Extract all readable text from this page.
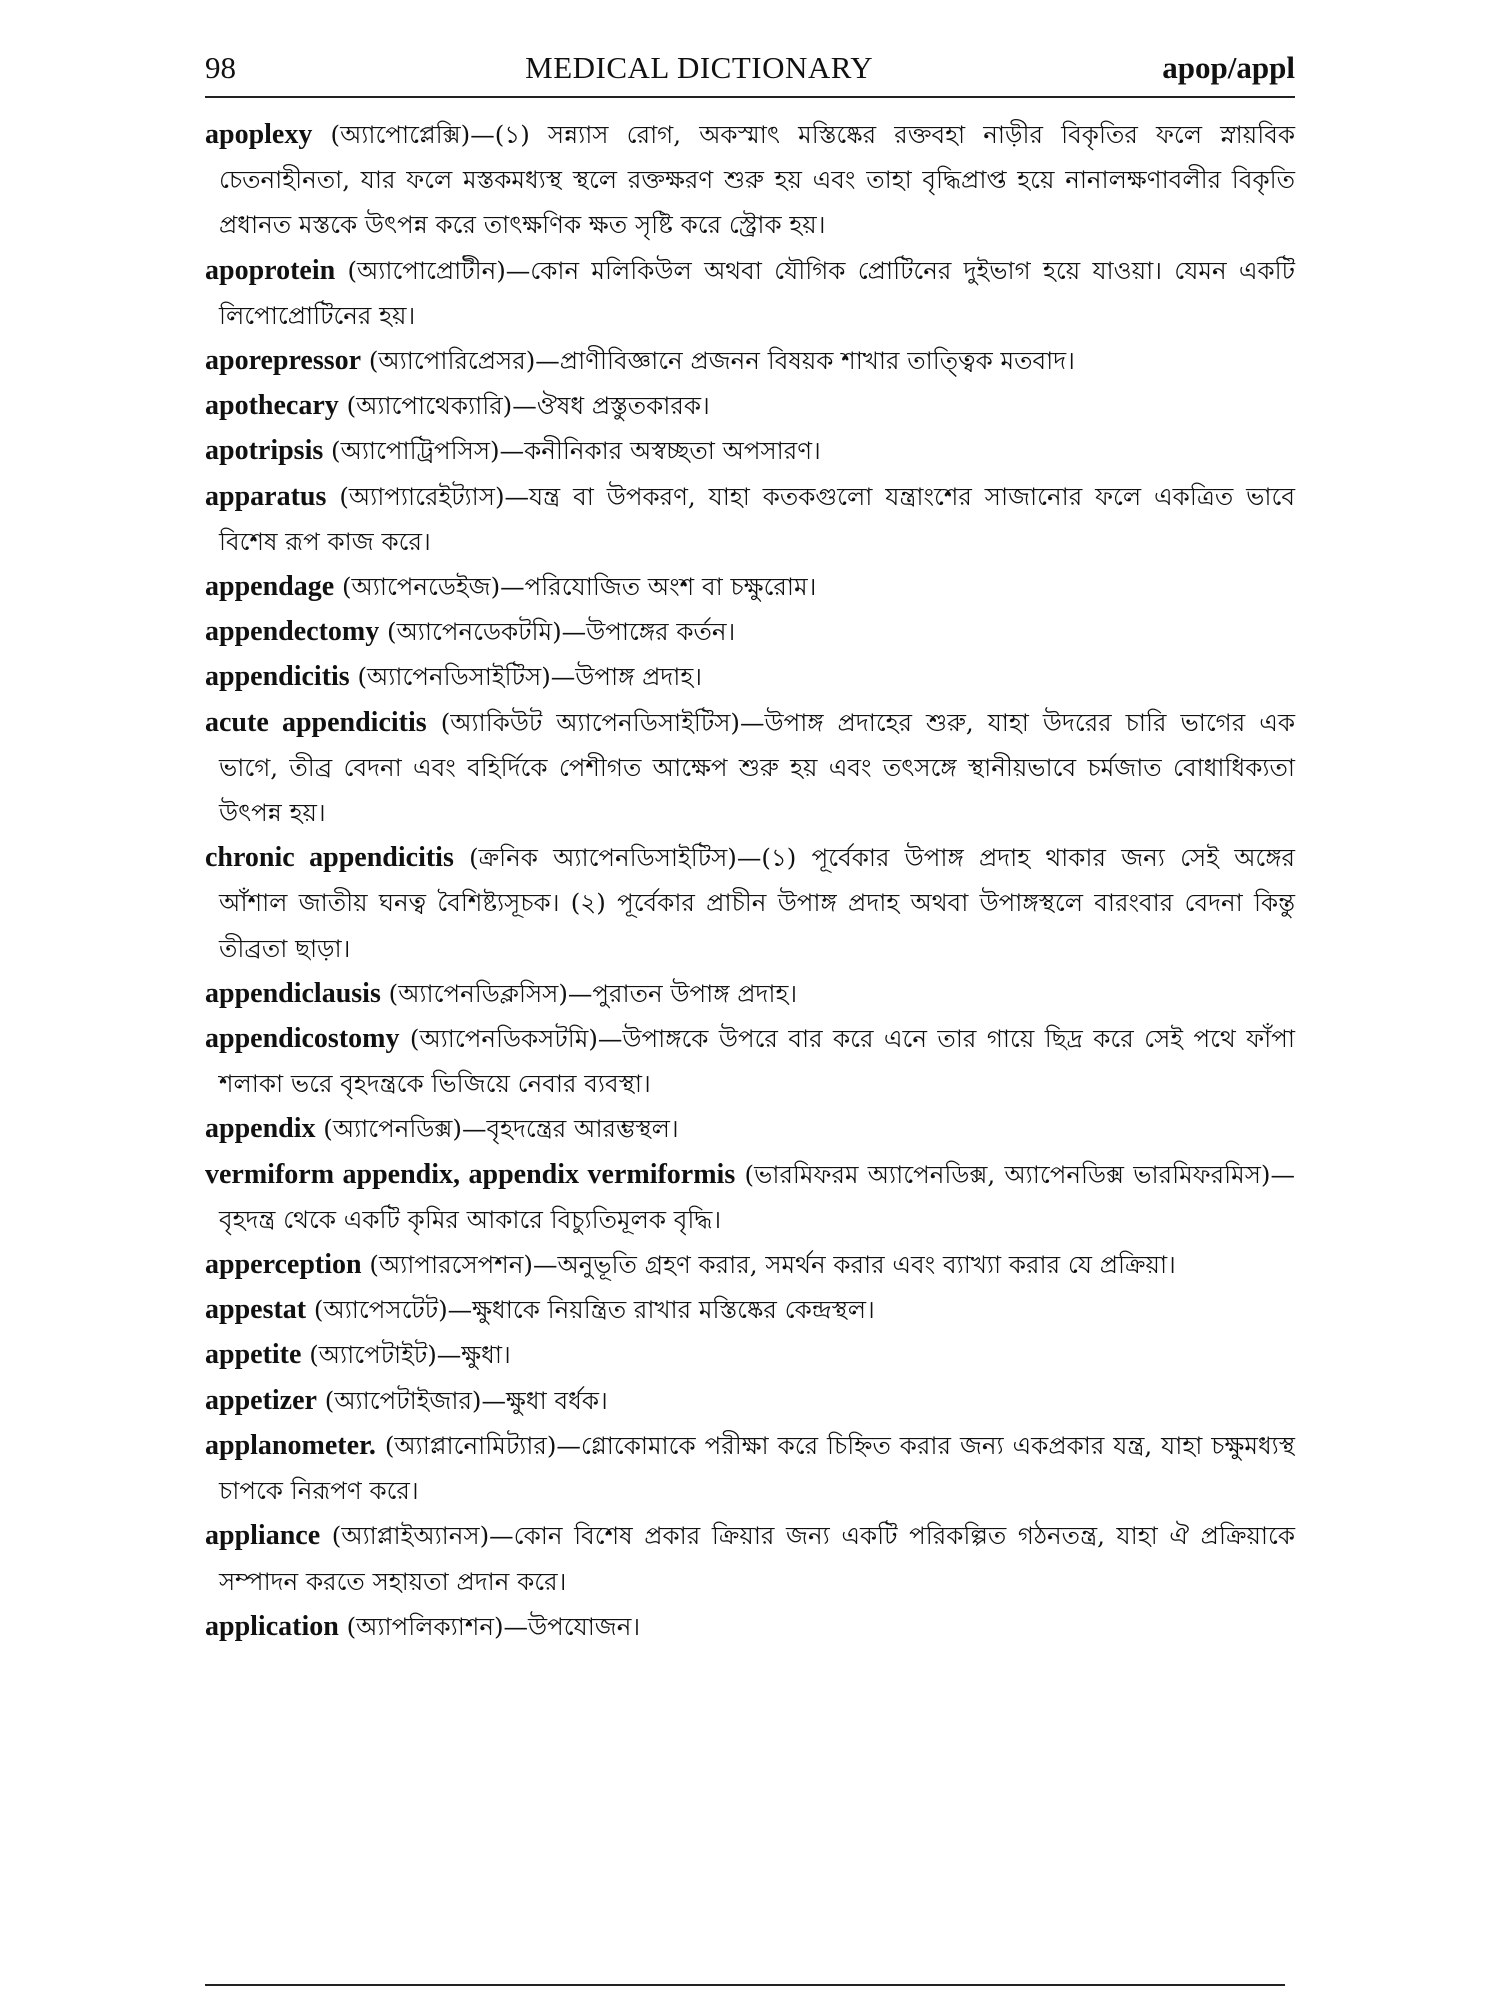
98	MEDICAL DICTIONARY	apop/appl
apoplexy (অ্যাপোপ্লেক্সি)—(১) সন্ন্যাস রোগ, অকস্মাৎ মস্তিষ্কের রক্তবহা নাড়ীর বিকৃতির ফলে স্নায়বিক চেতনাহীনতা, যার ফলে মস্তকমধ্যস্থ স্থলে রক্তক্ষরণ শুরু হয় এবং তাহা বৃদ্ধিপ্রাপ্ত হয়ে নানালক্ষণাবলীর বিকৃতি প্রধানত মস্তকে উৎপন্ন করে তাৎক্ষণিক ক্ষত সৃষ্টি করে স্ট্রোক হয়।
apoprotein (অ্যাপোপ্রোটীন)—কোন মলিকিউল অথবা যৌগিক প্রোটিনের দুইভাগ হয়ে যাওয়া। যেমন একটি লিপোপ্রোটিনের হয়।
aporepressor (অ্যাপোরিপ্রেসর)—প্রাণীবিজ্ঞানে প্রজনন বিষয়ক শাখার তাত্ত্বিক মতবাদ।
apothecary (অ্যাপোথেক্যারি)—ঔষধ প্রস্তুতকারক।
apotripsis (অ্যাপোট্রিপসিস)—কনীনিকার অস্বচ্ছতা অপসারণ।
apparatus (অ্যাপ্যারেইট্যাস)—যন্ত্র বা উপকরণ, যাহা কতকগুলো যন্ত্রাংশের সাজানোর ফলে একত্রিত ভাবে বিশেষ রূপ কাজ করে।
appendage (অ্যাপেনডেইজ)—পরিযোজিত অংশ বা চক্ষুরোম।
appendectomy (অ্যাপেনডেকটমি)—উপাঙ্গের কর্তন।
appendicitis (অ্যাপেনডিসাইটিস)—উপাঙ্গ প্রদাহ।
acute appendicitis (অ্যাকিউট অ্যাপেনডিসাইটিস)—উপাঙ্গ প্রদাহের শুরু, যাহা উদরের চারি ভাগের এক ভাগে, তীব্র বেদনা এবং বহির্দিকে পেশীগত আক্ষেপ শুরু হয় এবং তৎসঙ্গে স্থানীয়ভাবে চর্মজাত বোধাধিক্যতা উৎপন্ন হয়।
chronic appendicitis (ক্রনিক অ্যাপেনডিসাইটিস)—(১) পূর্বেকার উপাঙ্গ প্রদাহ থাকার জন্য সেই অঙ্গের আঁশাল জাতীয় ঘনত্ব বৈশিষ্ট্যসূচক। (২) পূর্বেকার প্রাচীন উপাঙ্গ প্রদাহ অথবা উপাঙ্গস্থলে বারংবার বেদনা কিন্তু তীব্রতা ছাড়া।
appendiclausis (অ্যাপেনডিক্লসিস)—পুরাতন উপাঙ্গ প্রদাহ।
appendicostomy (অ্যাপেনডিকসটমি)—উপাঙ্গকে উপরে বার করে এনে তার গায়ে ছিদ্র করে সেই পথে ফাঁপা শলাকা ভরে বৃহদন্ত্রকে ভিজিয়ে নেবার ব্যবস্থা।
appendix (অ্যাপেনডিক্স)—বৃহদন্ত্রের আরম্ভস্থল।
vermiform appendix, appendix vermiformis (ভারমিফরম অ্যাপেনডিক্স, অ্যাপেনডিক্স ভারমিফরমিস)—বৃহদন্ত্র থেকে একটি কৃমির আকারে বিচ্যুতিমূলক বৃদ্ধি।
apperception (অ্যাপারসেপশন)—অনুভূতি গ্রহণ করার, সমর্থন করার এবং ব্যাখ্যা করার যে প্রক্রিয়া।
appestat (অ্যাপেসটেট)—ক্ষুধাকে নিয়ন্ত্রিত রাখার মস্তিষ্কের কেন্দ্রস্থল।
appetite (অ্যাপেটাইট)—ক্ষুধা।
appetizer (অ্যাপেটাইজার)—ক্ষুধা বর্ধক।
applanometer. (অ্যাপ্লানোমিট্যার)—গ্লোকোমাকে পরীক্ষা করে চিহ্নিত করার জন্য একপ্রকার যন্ত্র, যাহা চক্ষুমধ্যস্থ চাপকে নিরূপণ করে।
appliance (অ্যাপ্লাইঅ্যানস)—কোন বিশেষ প্রকার ক্রিয়ার জন্য একটি পরিকল্পিত গঠনতন্ত্র, যাহা ঐ প্রক্রিয়াকে সম্পাদন করতে সহায়তা প্রদান করে।
application (অ্যাপলিক্যাশন)—উপযোজন।
